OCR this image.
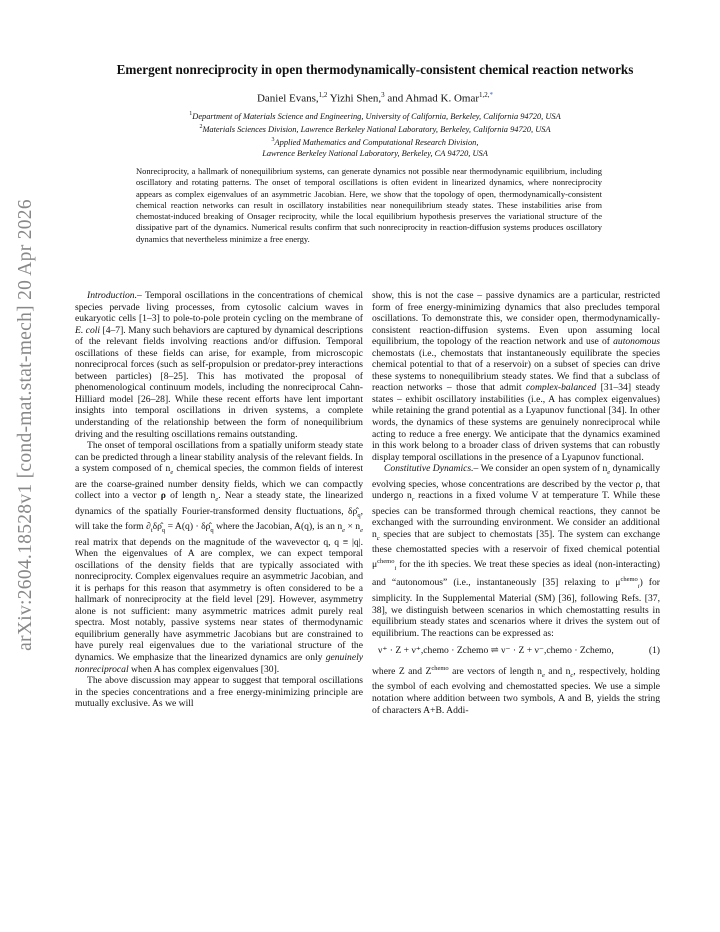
arXiv:2604.18528v1 [cond-mat.stat-mech] 20 Apr 2026
Emergent nonreciprocity in open thermodynamically-consistent chemical reaction networks
Daniel Evans,$^{1,2}$ Yizhi Shen,$^3$ and Ahmad K. Omar$^{1,2,*}$
$^1$Department of Materials Science and Engineering, University of California, Berkeley, California 94720, USA
$^2$Materials Sciences Division, Lawrence Berkeley National Laboratory, Berkeley, California 94720, USA
$^3$Applied Mathematics and Computational Research Division,
Lawrence Berkeley National Laboratory, Berkeley, CA 94720, USA
Nonreciprocity, a hallmark of nonequilibrium systems, can generate dynamics not possible near thermodynamic equilibrium, including oscillatory and rotating patterns. The onset of temporal oscillations is often evident in linearized dynamics, where nonreciprocity appears as complex eigenvalues of an asymmetric Jacobian. Here, we show that the topology of open, thermodynamically-consistent chemical reaction networks can result in oscillatory instabilities near nonequilibrium steady states. These instabilities arise from chemostat-induced breaking of Onsager reciprocity, while the local equilibrium hypothesis preserves the variational structure of the dissipative part of the dynamics. Numerical results confirm that such nonreciprocity in reaction-diffusion systems produces oscillatory dynamics that nevertheless minimize a free energy.

Introduction.– Temporal oscillations in the concentrations of chemical species pervade living processes, from cytosolic calcium waves in eukaryotic cells [1–3] to pole-to-pole protein cycling on the membrane of E. coli [4–7]. Many such behaviors are captured by dynamical descriptions of the relevant fields involving reactions and/or diffusion. Temporal oscillations of these fields can arise, for example, from microscopic nonreciprocal forces (such as self-propulsion or predator-prey interactions between particles) [8–25]. This has motivated the proposal of phenomenological continuum models, including the nonreciprocal Cahn-Hilliard model [26–28]. While these recent efforts have lent important insights into temporal oscillations in driven systems, a complete understanding of the relationship between the form of nonequilibrium driving and the resulting oscillations remains outstanding.

The onset of temporal oscillations from a spatially uniform steady state can be predicted through a linear stability analysis of the relevant fields. In a system composed of $n_e$ chemical species, the common fields of interest are the coarse-grained number density fields, which we can compactly collect into a vector ρ of length $n_e$. Near a steady state, the linearized dynamics of the spatially Fourier-transformed density fluctuations, $\delta\rhô_q$, will take the form $\partial_t\delta\rhô_q = A(q)$ · $\delta\rhô_q$ where the Jacobian, A(q), is an $n_e \times n_e$ real matrix that depends on the magnitude of the wavevector q, q ≡ |q|. When the eigenvalues of A are complex, we can expect temporal oscillations of the density fields that are typically associated with nonreciprocity. Complex eigenvalues require an asymmetric Jacobian, and it is perhaps for this reason that asymmetry is often considered to be a hallmark of nonreciprocity at the field level [29]. However, asymmetry alone is not sufficient: many asymmetric matrices admit purely real spectra. Most notably, passive systems near states of thermodynamic equilibrium generally have asymmetric Jacobians but are constrained to have purely real eigenvalues due to the variational structure of the dynamics. We emphasize that the linearized dynamics are only genuinely nonreciprocal when A has complex eigenvalues [30].

The above discussion may appear to suggest that temporal oscillations in the species concentrations and a free energy-minimizing principle are mutually exclusive. As we will

show, this is not the case – passive dynamics are a particular, restricted form of free energy-minimizing dynamics that also precludes temporal oscillations. To demonstrate this, we consider open, thermodynamically-consistent reaction-diffusion systems. Even upon assuming local equilibrium, the topology of the reaction network and use of autonomous chemostats (i.e., chemostats that instantaneously equilibrate the species chemical potential to that of a reservoir) on a subset of species can drive these systems to nonequilibrium steady states. We find that a subclass of reaction networks – those that admit complex-balanced [31–34] steady states – exhibit oscillatory instabilities (i.e., A has complex eigenvalues) while retaining the grand potential as a Lyapunov functional [34]. In other words, the dynamics of these systems are genuinely nonreciprocal while acting to reduce a free energy. We anticipate that the dynamics examined in this work belong to a broader class of driven systems that can robustly display temporal oscillations in the presence of a Lyapunov functional.

Constitutive Dynamics.– We consider an open system of $n_e$ dynamically evolving species, whose concentrations are described by the vector ρ, that undergo $n_r$ reactions in a fixed volume V at temperature T. While these species can be transformed through chemical reactions, they cannot be exchanged with the surrounding environment. We consider an additional $n_c$ species that are subject to chemostats [35]. The system can exchange these chemostatted species with a reservoir of fixed chemical potential $\mu^{chemo}_i$ for the ith species. We treat these species as ideal (non-interacting) and “autonomous” (i.e., instantaneously [35] relaxing to $\mu^{chemo}_i$) for simplicity. In the Supplemental Material (SM) [36], following Refs. [37, 38], we distinguish between scenarios in which chemostatting results in equilibrium steady states and scenarios where it drives the system out of equilibrium. The reactions can be expressed as:

ν⁺ · Z + ν⁺,chemo · Zchemo ⇌ ν⁻ · Z + ν⁻,chemo · Zchemo,	(1)

where Z and $Z^{chemo}$ are vectors of length $n_e$ and $n_c$, respectively, holding the symbol of each evolving and chemostatted species. We use a simple notation where addition between two symbols, A and B, yields the string of characters A+B. Addi-
